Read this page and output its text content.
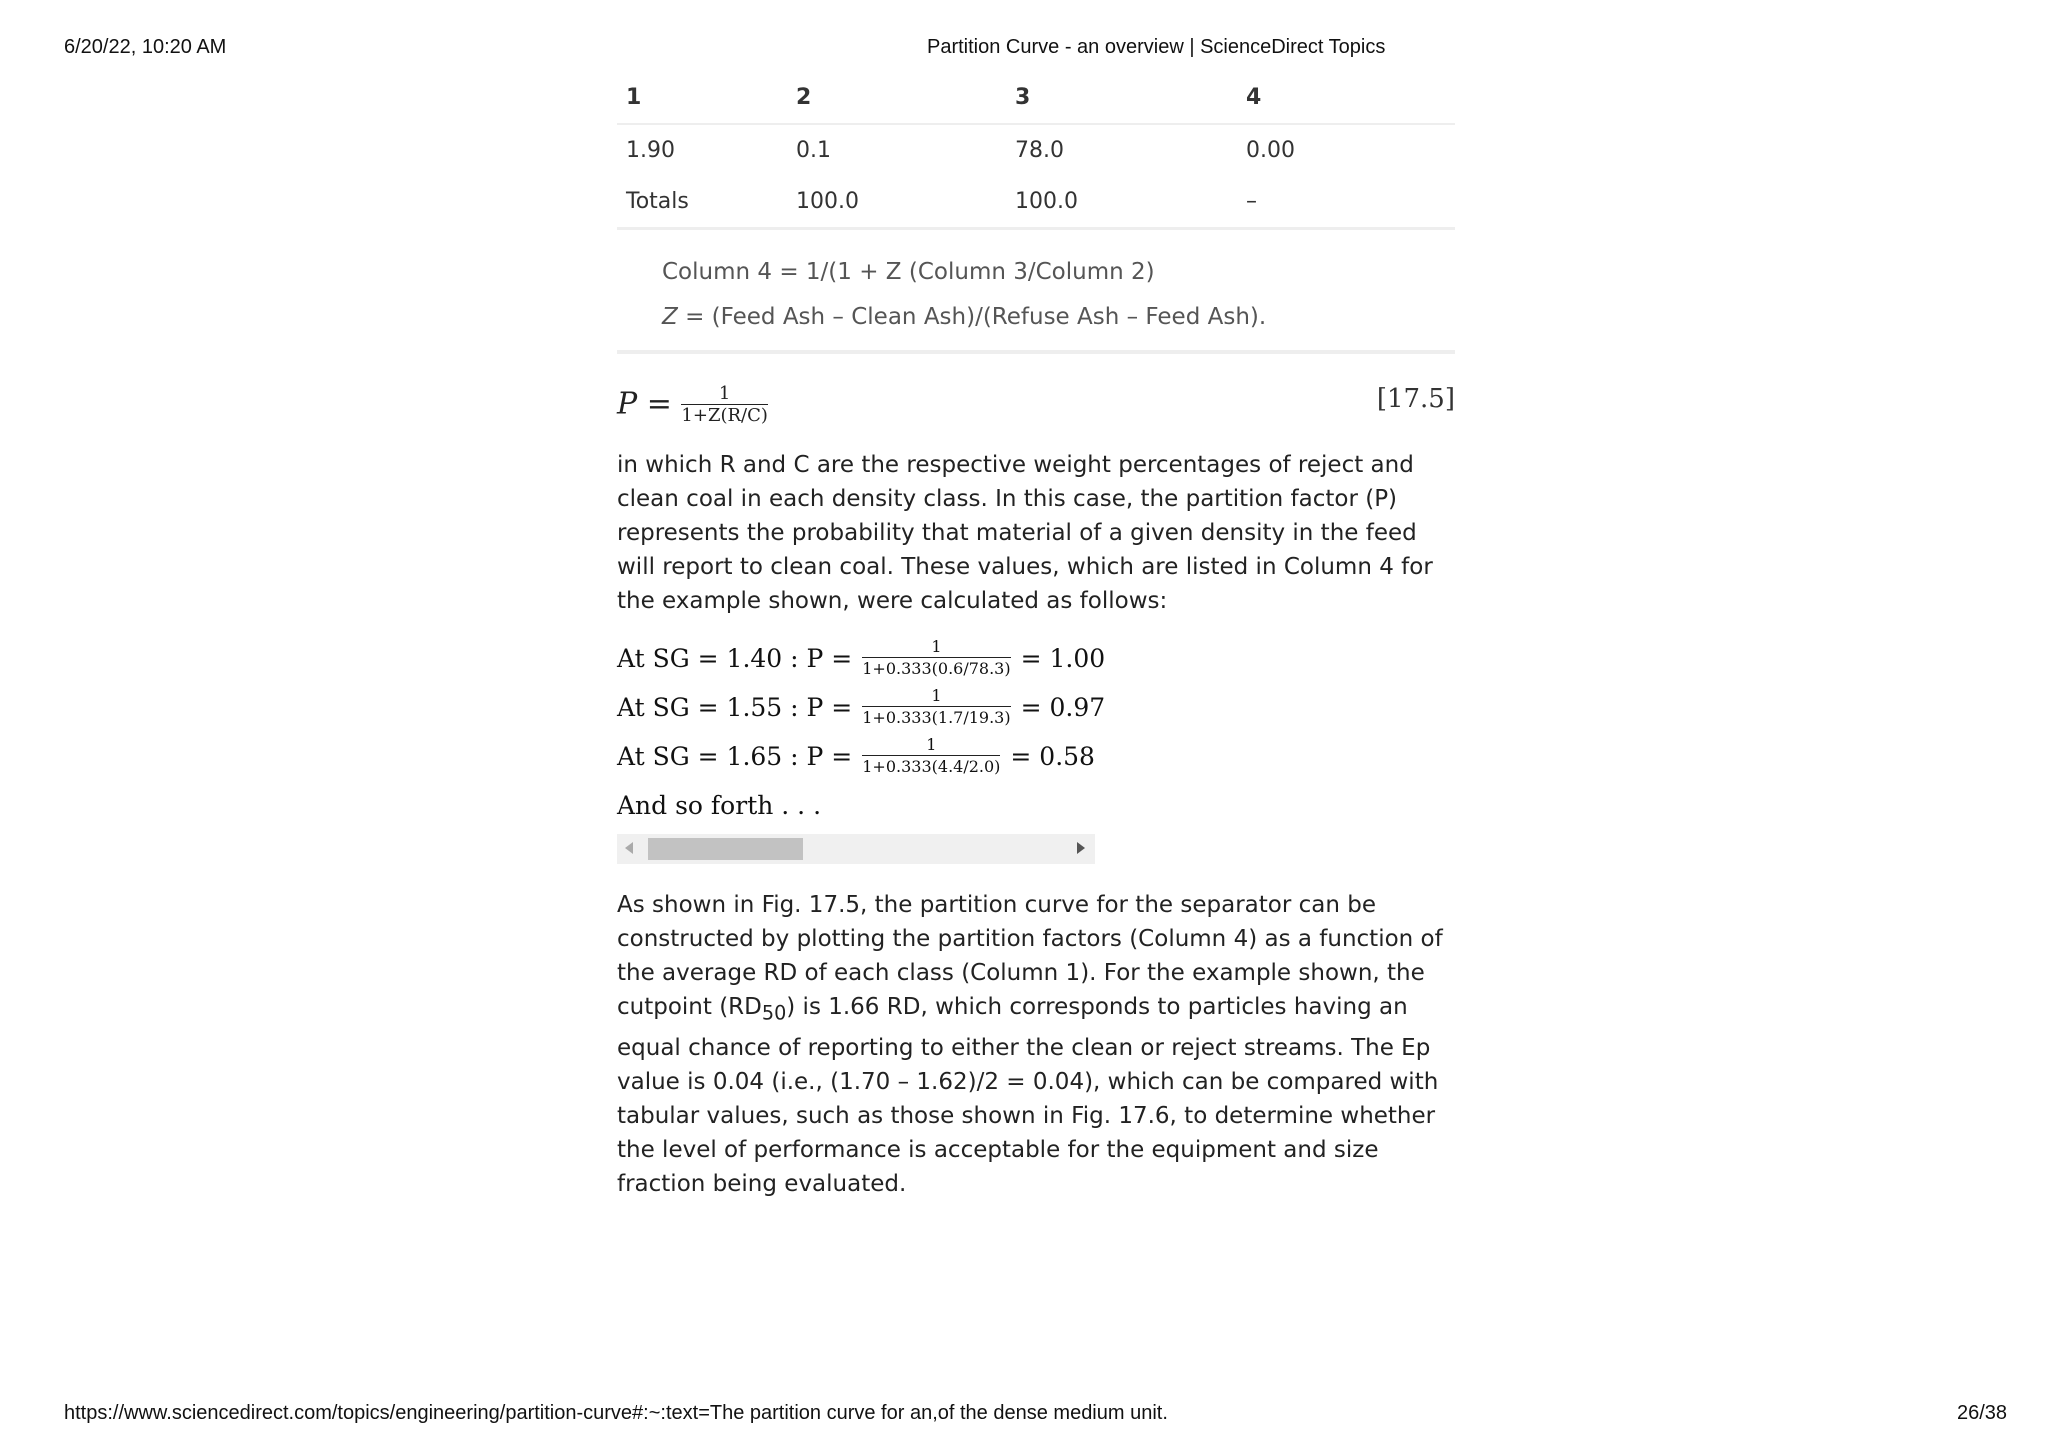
6/20/22, 10:20 AM	Partition Curve - an overview | ScienceDirect Topics
1	2	3	4
1.90	0.1	78.0	0.00
Totals	100.0	100.0	–
Column 4 = 1/(1 + Z (Column 3/Column 2)
Z = (Feed Ash – Clean Ash)/(Refuse Ash – Feed Ash).
$P = \frac{1}{1+Z(R/C)}$	[17.5]

in which R and C are the respective weight percentages of reject and clean coal in each density class. In this case, the partition factor (P) represents the probability that material of a given density in the feed will report to clean coal. These values, which are listed in Column 4 for the example shown, were calculated as follows:

At SG = 1.40 : $P = \frac{1}{1+0.333(0.6/78.3)} = 1.00$
At SG = 1.55 : $P = \frac{1}{1+0.333(1.7/19.3)} = 0.97$
At SG = 1.65 : $P = \frac{1}{1+0.333(4.4/2.0)} = 0.58$
And so forth . . .

As shown in Fig. 17.5, the partition curve for the separator can be constructed by plotting the partition factors (Column 4) as a function of the average RD of each class (Column 1). For the example shown, the cutpoint $(RD_{50})$ is 1.66 RD, which corresponds to particles having an equal chance of reporting to either the clean or reject streams. The Ep value is 0.04 (i.e., (1.70 – 1.62)/2 = 0.04), which can be compared with tabular values, such as those shown in Fig. 17.6, to determine whether the level of performance is acceptable for the equipment and size fraction being evaluated.

https://www.sciencedirect.com/topics/engineering/partition-curve#:~:text=The partition curve for an,of the dense medium unit.	26/38
